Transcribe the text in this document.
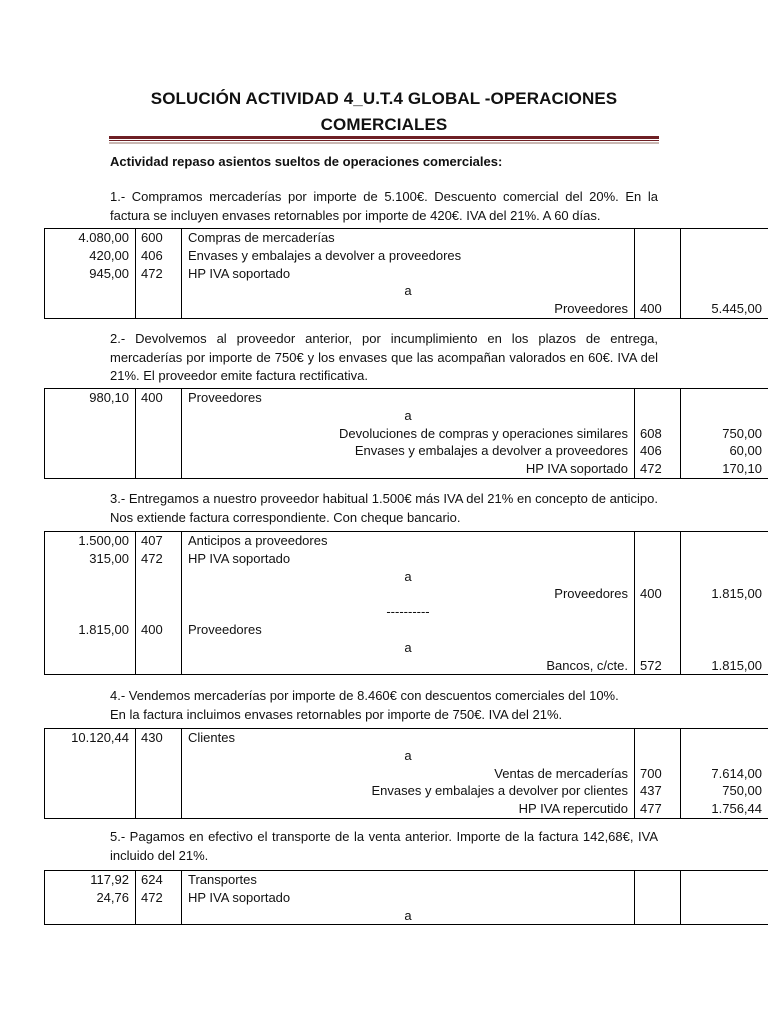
SOLUCIÓN ACTIVIDAD 4_U.T.4 GLOBAL -OPERACIONES
COMERCIALES
Actividad repaso asientos sueltos de operaciones comerciales:
1.- Compramos mercaderías por importe de 5.100€. Descuento comercial del 20%. En la factura se incluyen envases retornables por importe de 420€. IVA del 21%. A 60 días.
4.080,00	600	Compras de mercaderías		
420,00	406	Envases y embalajes a devolver a proveedores		
945,00	472	HP IVA soportado		
		a		
		Proveedores	400	5.445,00
2.- Devolvemos al proveedor anterior, por incumplimiento en los plazos de entrega, mercaderías por importe de 750€ y los envases que las acompañan valorados en 60€. IVA del 21%. El proveedor emite factura rectificativa.
980,10	400	Proveedores		
		a		
		Devoluciones de compras y operaciones similares	608	750,00
		Envases y embalajes a devolver a proveedores	406	60,00
		HP IVA soportado	472	170,10
3.- Entregamos a nuestro proveedor habitual 1.500€ más IVA del 21% en concepto de anticipo. Nos extiende factura correspondiente. Con cheque bancario.
1.500,00	407	Anticipos a proveedores		
315,00	472	HP IVA soportado		
		a		
		Proveedores	400	1.815,00
		----------		
1.815,00	400	Proveedores		
		a		
		Bancos, c/cte.	572	1.815,00
4.- Vendemos mercaderías por importe de 8.460€ con descuentos comerciales del 10%.
En la factura incluimos envases retornables por importe de 750€. IVA del 21%.
10.120,44	430	Clientes		
		a		
		Ventas de mercaderías	700	7.614,00
		Envases y embalajes a devolver por clientes	437	750,00
		HP IVA repercutido	477	1.756,44
5.- Pagamos en efectivo el transporte de la venta anterior. Importe de la factura 142,68€, IVA incluido del 21%.
117,92	624	Transportes		
24,76	472	HP IVA soportado		
		a		
